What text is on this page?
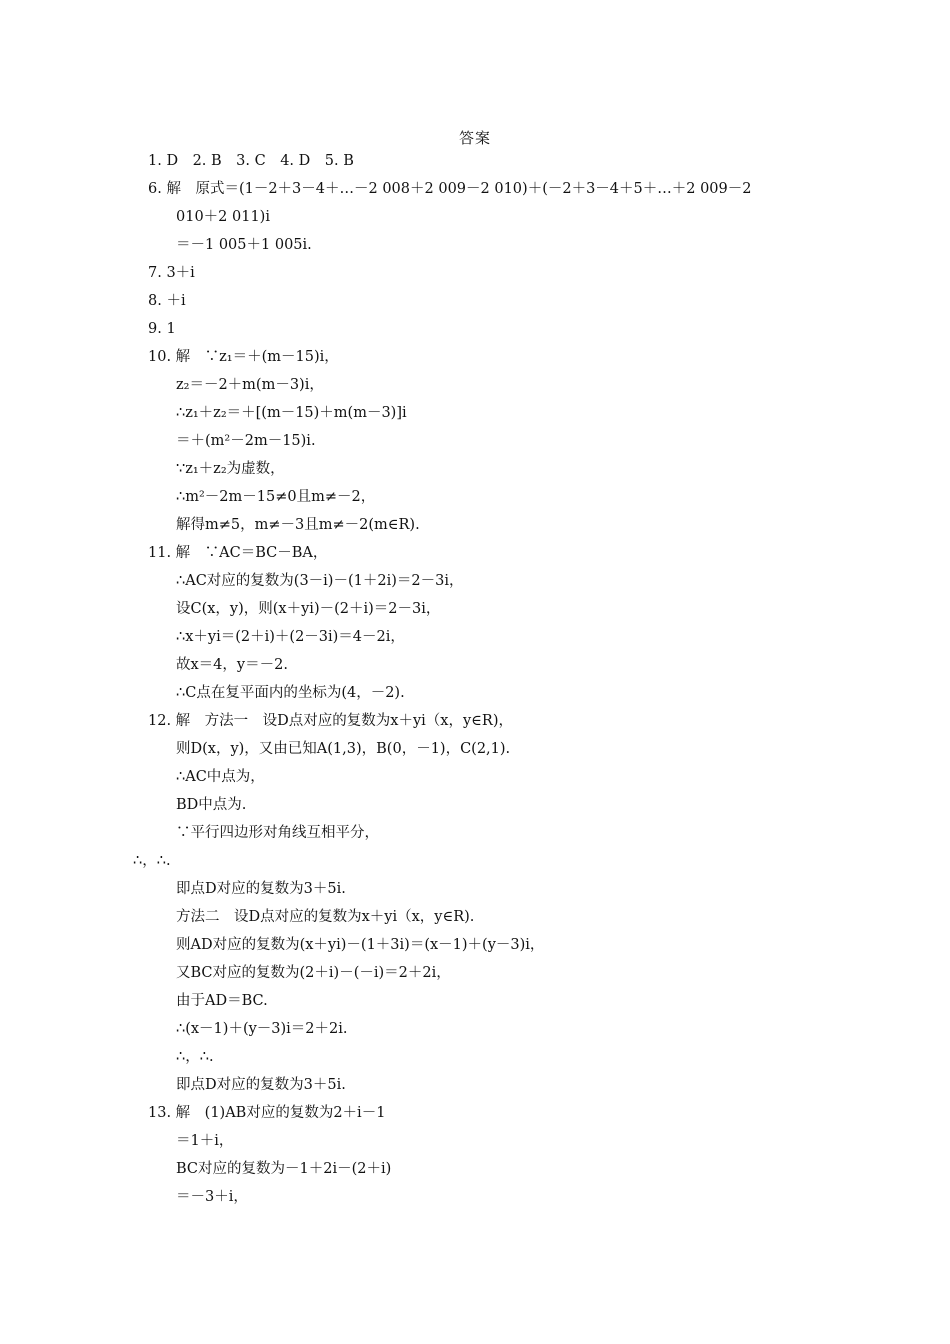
答案
1. D　2. B　3. C　4. D　5. B
6. 解　原式＝(1－2＋3－4＋…－2 008＋2 009－2 010)＋(－2＋3－4＋5＋…＋2 009－2
010＋2 011)i
＝－1 005＋1 005i.
7. 3＋i
8. ＋i
9. 1
10. 解　∵z₁＝＋(m－15)i，
z₂＝－2＋m(m－3)i，
∴z₁＋z₂＝＋[(m－15)＋m(m－3)]i
＝＋(m²－2m－15)i.
∵z₁＋z₂为虚数，
∴m²－2m－15≠0且m≠－2，
解得m≠5，m≠－3且m≠－2(m∈R).
11. 解　∵AC＝BC－BA，
∴AC对应的复数为(3－i)－(1＋2i)＝2－3i，
设C(x，y)，则(x＋yi)－(2＋i)＝2－3i，
∴x＋yi＝(2＋i)＋(2－3i)＝4－2i，
故x＝4，y＝－2.
∴C点在复平面内的坐标为(4，－2).
12. 解　方法一　设D点对应的复数为x＋yi（x，y∈R)，
则D(x，y)，又由已知A(1,3)，B(0，－1)，C(2,1).
∴AC中点为，
BD中点为.
∵平行四边形对角线互相平分，
∴，∴.
即点D对应的复数为3＋5i.
方法二　设D点对应的复数为x＋yi（x，y∈R).
则AD对应的复数为(x＋yi)－(1＋3i)＝(x－1)＋(y－3)i，
又BC对应的复数为(2＋i)－(－i)＝2＋2i，
由于AD＝BC.
∴(x－1)＋(y－3)i＝2＋2i.
∴，∴.
即点D对应的复数为3＋5i.
13. 解　(1)AB对应的复数为2＋i－1
＝1＋i，
BC对应的复数为－1＋2i－(2＋i)
＝－3＋i，
